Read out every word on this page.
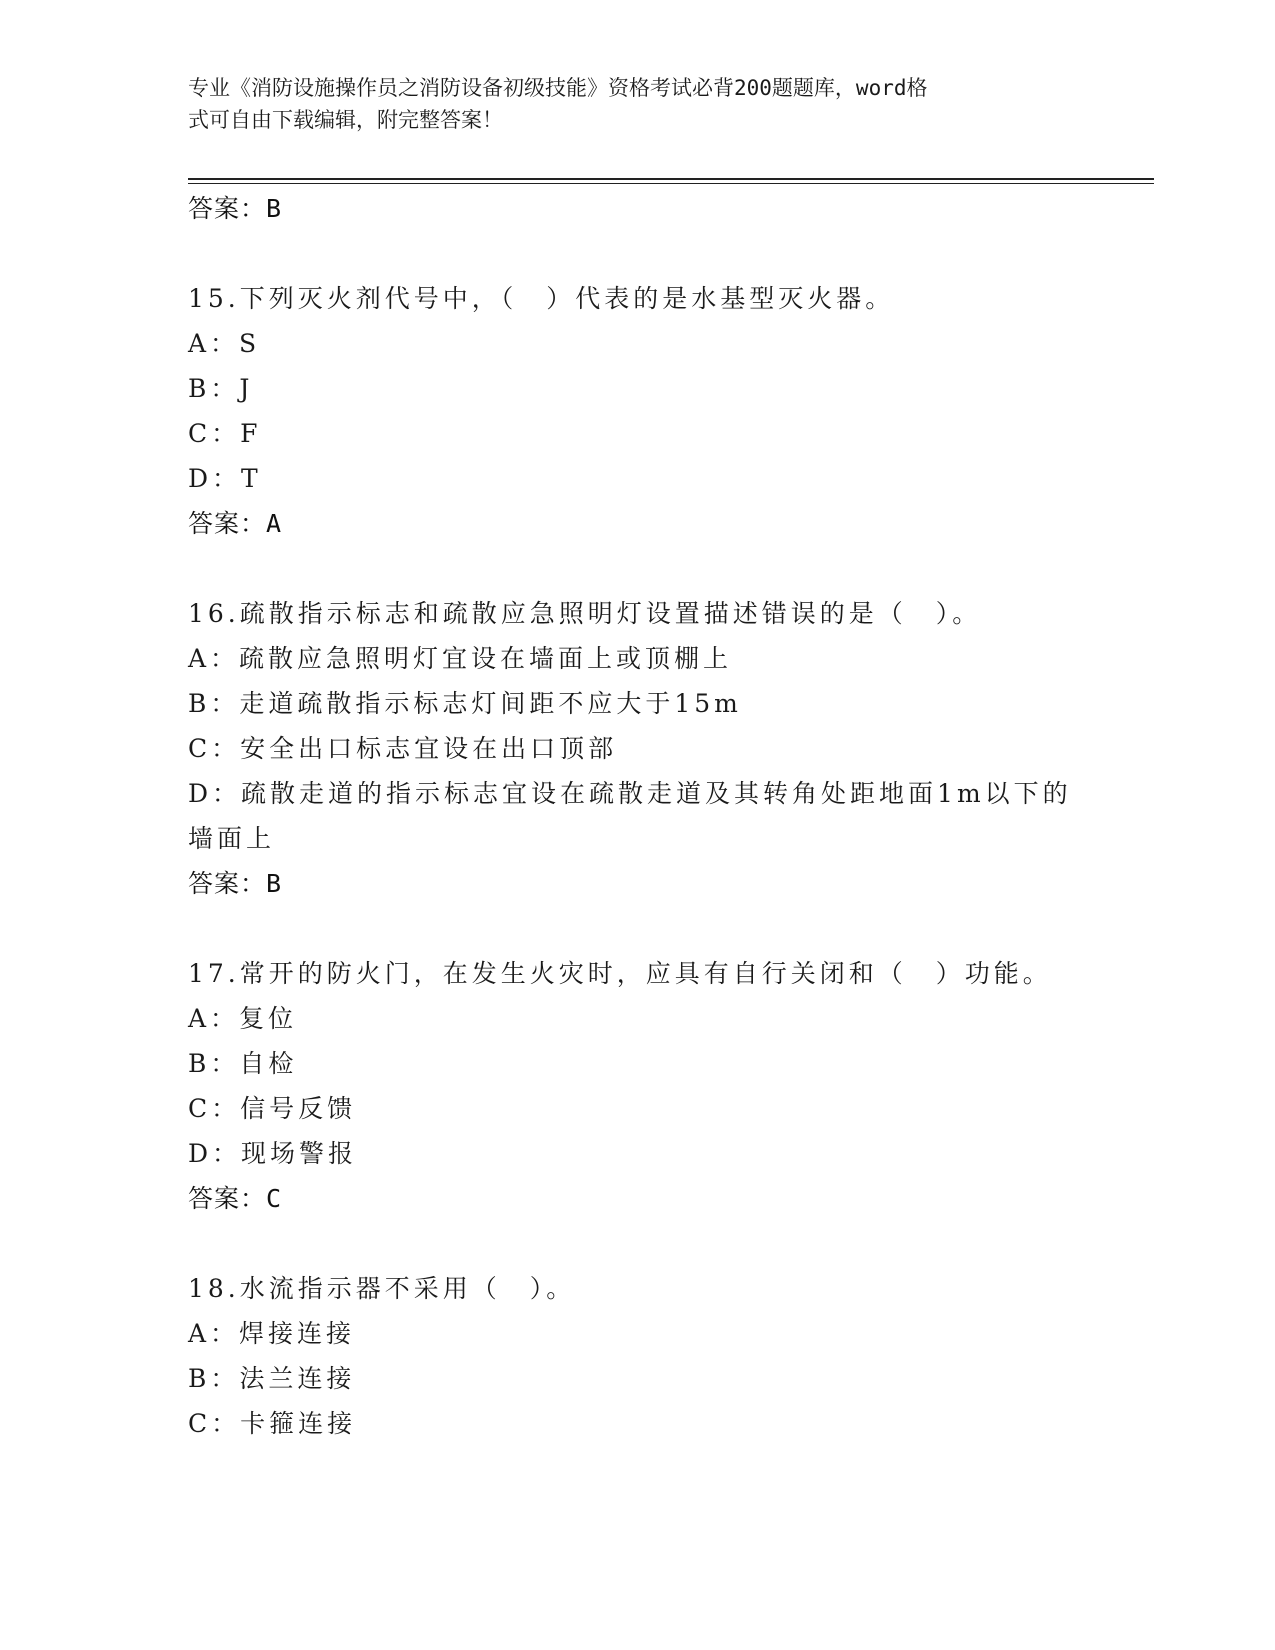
专业《消防设施操作员之消防设备初级技能》资格考试必背200题题库，word格
式可自由下载编辑，附完整答案！
答案：B
15.下列灭火剂代号中，（　）代表的是水基型灭火器。
A：S
B：J
C：F
D：T
答案：A
16.疏散指示标志和疏散应急照明灯设置描述错误的是（　）。
A：疏散应急照明灯宜设在墙面上或顶棚上
B：走道疏散指示标志灯间距不应大于15m
C：安全出口标志宜设在出口顶部
D：疏散走道的指示标志宜设在疏散走道及其转角处距地面1m以下的
墙面上
答案：B
17.常开的防火门，在发生火灾时，应具有自行关闭和（　）功能。
A：复位
B：自检
C：信号反馈
D：现场警报
答案：C
18.水流指示器不采用（　）。
A：焊接连接
B：法兰连接
C：卡箍连接
